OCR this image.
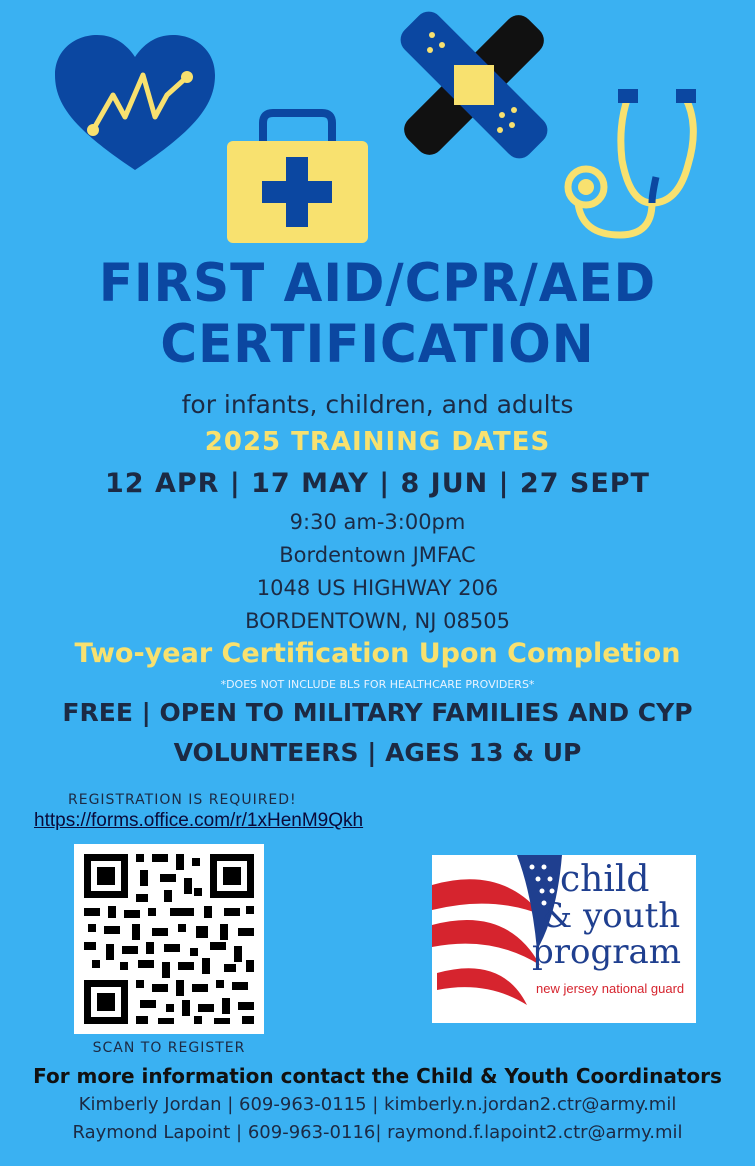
FIRST AID/CPR/AED
CERTIFICATION
for infants, children, and adults
2025 TRAINING DATES
12 APR | 17 MAY | 8 JUN | 27 SEPT
9:30 am-3:00pm
Bordentown JMFAC
1048 US HIGHWAY 206
BORDENTOWN, NJ 08505
Two-year Certification Upon Completion
*DOES NOT INCLUDE BLS FOR HEALTHCARE PROVIDERS*
FREE | OPEN TO MILITARY FAMILIES AND CYP
VOLUNTEERS | AGES 13 & UP
REGISTRATION IS REQUIRED!
https://forms.office.com/r/1xHenM9Qkh
SCAN TO REGISTER
child
& youth
program
new jersey national guard
For more information contact the Child & Youth Coordinators
Kimberly Jordan | 609-963-0115 | kimberly.n.jordan2.ctr@army.mil
Raymond Lapoint | 609-963-0116| raymond.f.lapoint2.ctr@army.mil
